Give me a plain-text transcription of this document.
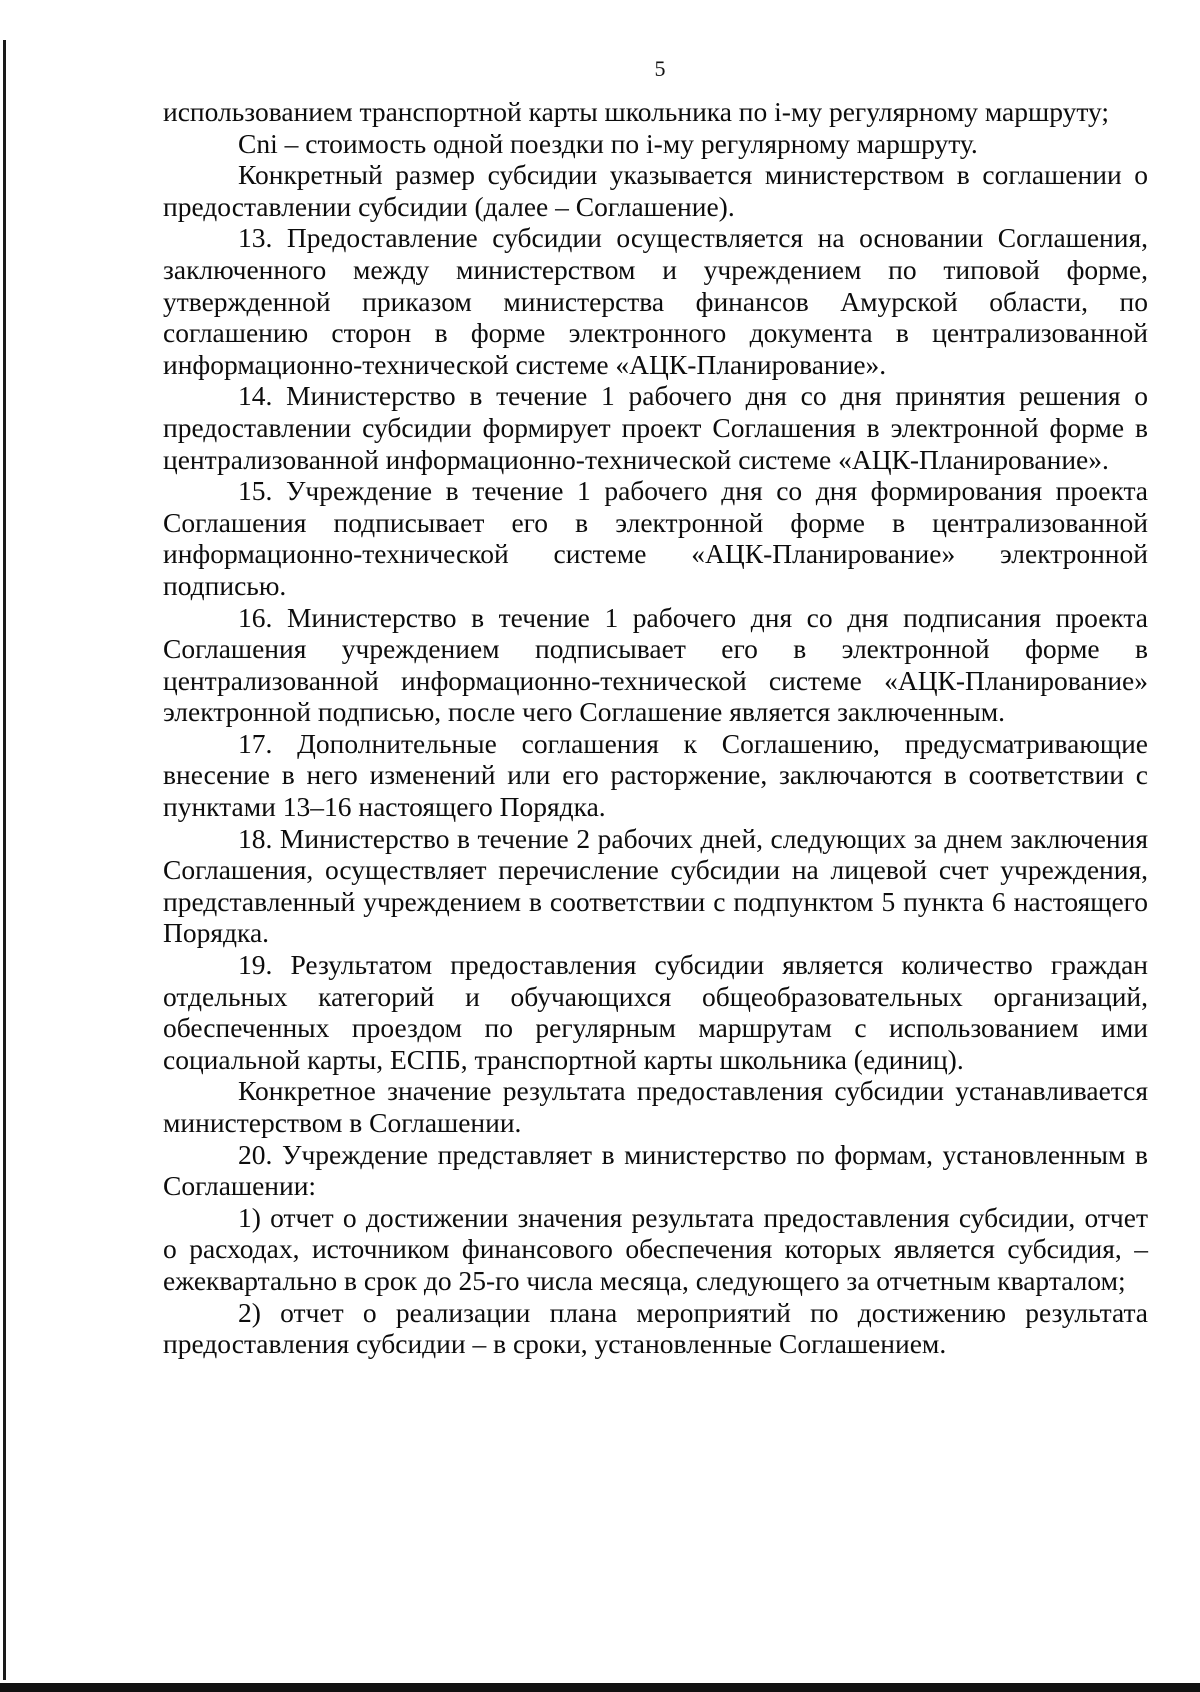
5

использованием транспортной карты школьника по i-му регулярному маршруту;

Cni – стоимость одной поездки по i-му регулярному маршруту.

Конкретный размер субсидии указывается министерством в соглашении о предоставлении субсидии (далее – Соглашение).

13. Предоставление субсидии осуществляется на основании Соглашения, заключенного между министерством и учреждением по типовой форме, утвержденной приказом министерства финансов Амурской области, по соглашению сторон в форме электронного документа в централизованной информационно-технической системе «АЦК-Планирование».

14. Министерство в течение 1 рабочего дня со дня принятия решения о предоставлении субсидии формирует проект Соглашения в электронной форме в централизованной информационно-технической системе «АЦК-Планирование».

15. Учреждение в течение 1 рабочего дня со дня формирования проекта Соглашения подписывает его в электронной форме в централизованной информационно-технической системе «АЦК-Планирование» электронной подписью.

16. Министерство в течение 1 рабочего дня со дня подписания проекта Соглашения учреждением подписывает его в электронной форме в централизованной информационно-технической системе «АЦК-Планирование» электронной подписью, после чего Соглашение является заключенным.

17. Дополнительные соглашения к Соглашению, предусматривающие внесение в него изменений или его расторжение, заключаются в соответствии с пунктами 13–16 настоящего Порядка.

18. Министерство в течение 2 рабочих дней, следующих за днем заключения Соглашения, осуществляет перечисление субсидии на лицевой счет учреждения, представленный учреждением в соответствии с подпунктом 5 пункта 6 настоящего Порядка.

19. Результатом предоставления субсидии является количество граждан отдельных категорий и обучающихся общеобразовательных организаций, обеспеченных проездом по регулярным маршрутам с использованием ими социальной карты, ЕСПБ, транспортной карты школьника (единиц).

Конкретное значение результата предоставления субсидии устанавливается министерством в Соглашении.

20. Учреждение представляет в министерство по формам, установленным в Соглашении:

1) отчет о достижении значения результата предоставления субсидии, отчет о расходах, источником финансового обеспечения которых является субсидия, – ежеквартально в срок до 25-го числа месяца, следующего за отчетным кварталом;

2) отчет о реализации плана мероприятий по достижению результата предоставления субсидии – в сроки, установленные Соглашением.
